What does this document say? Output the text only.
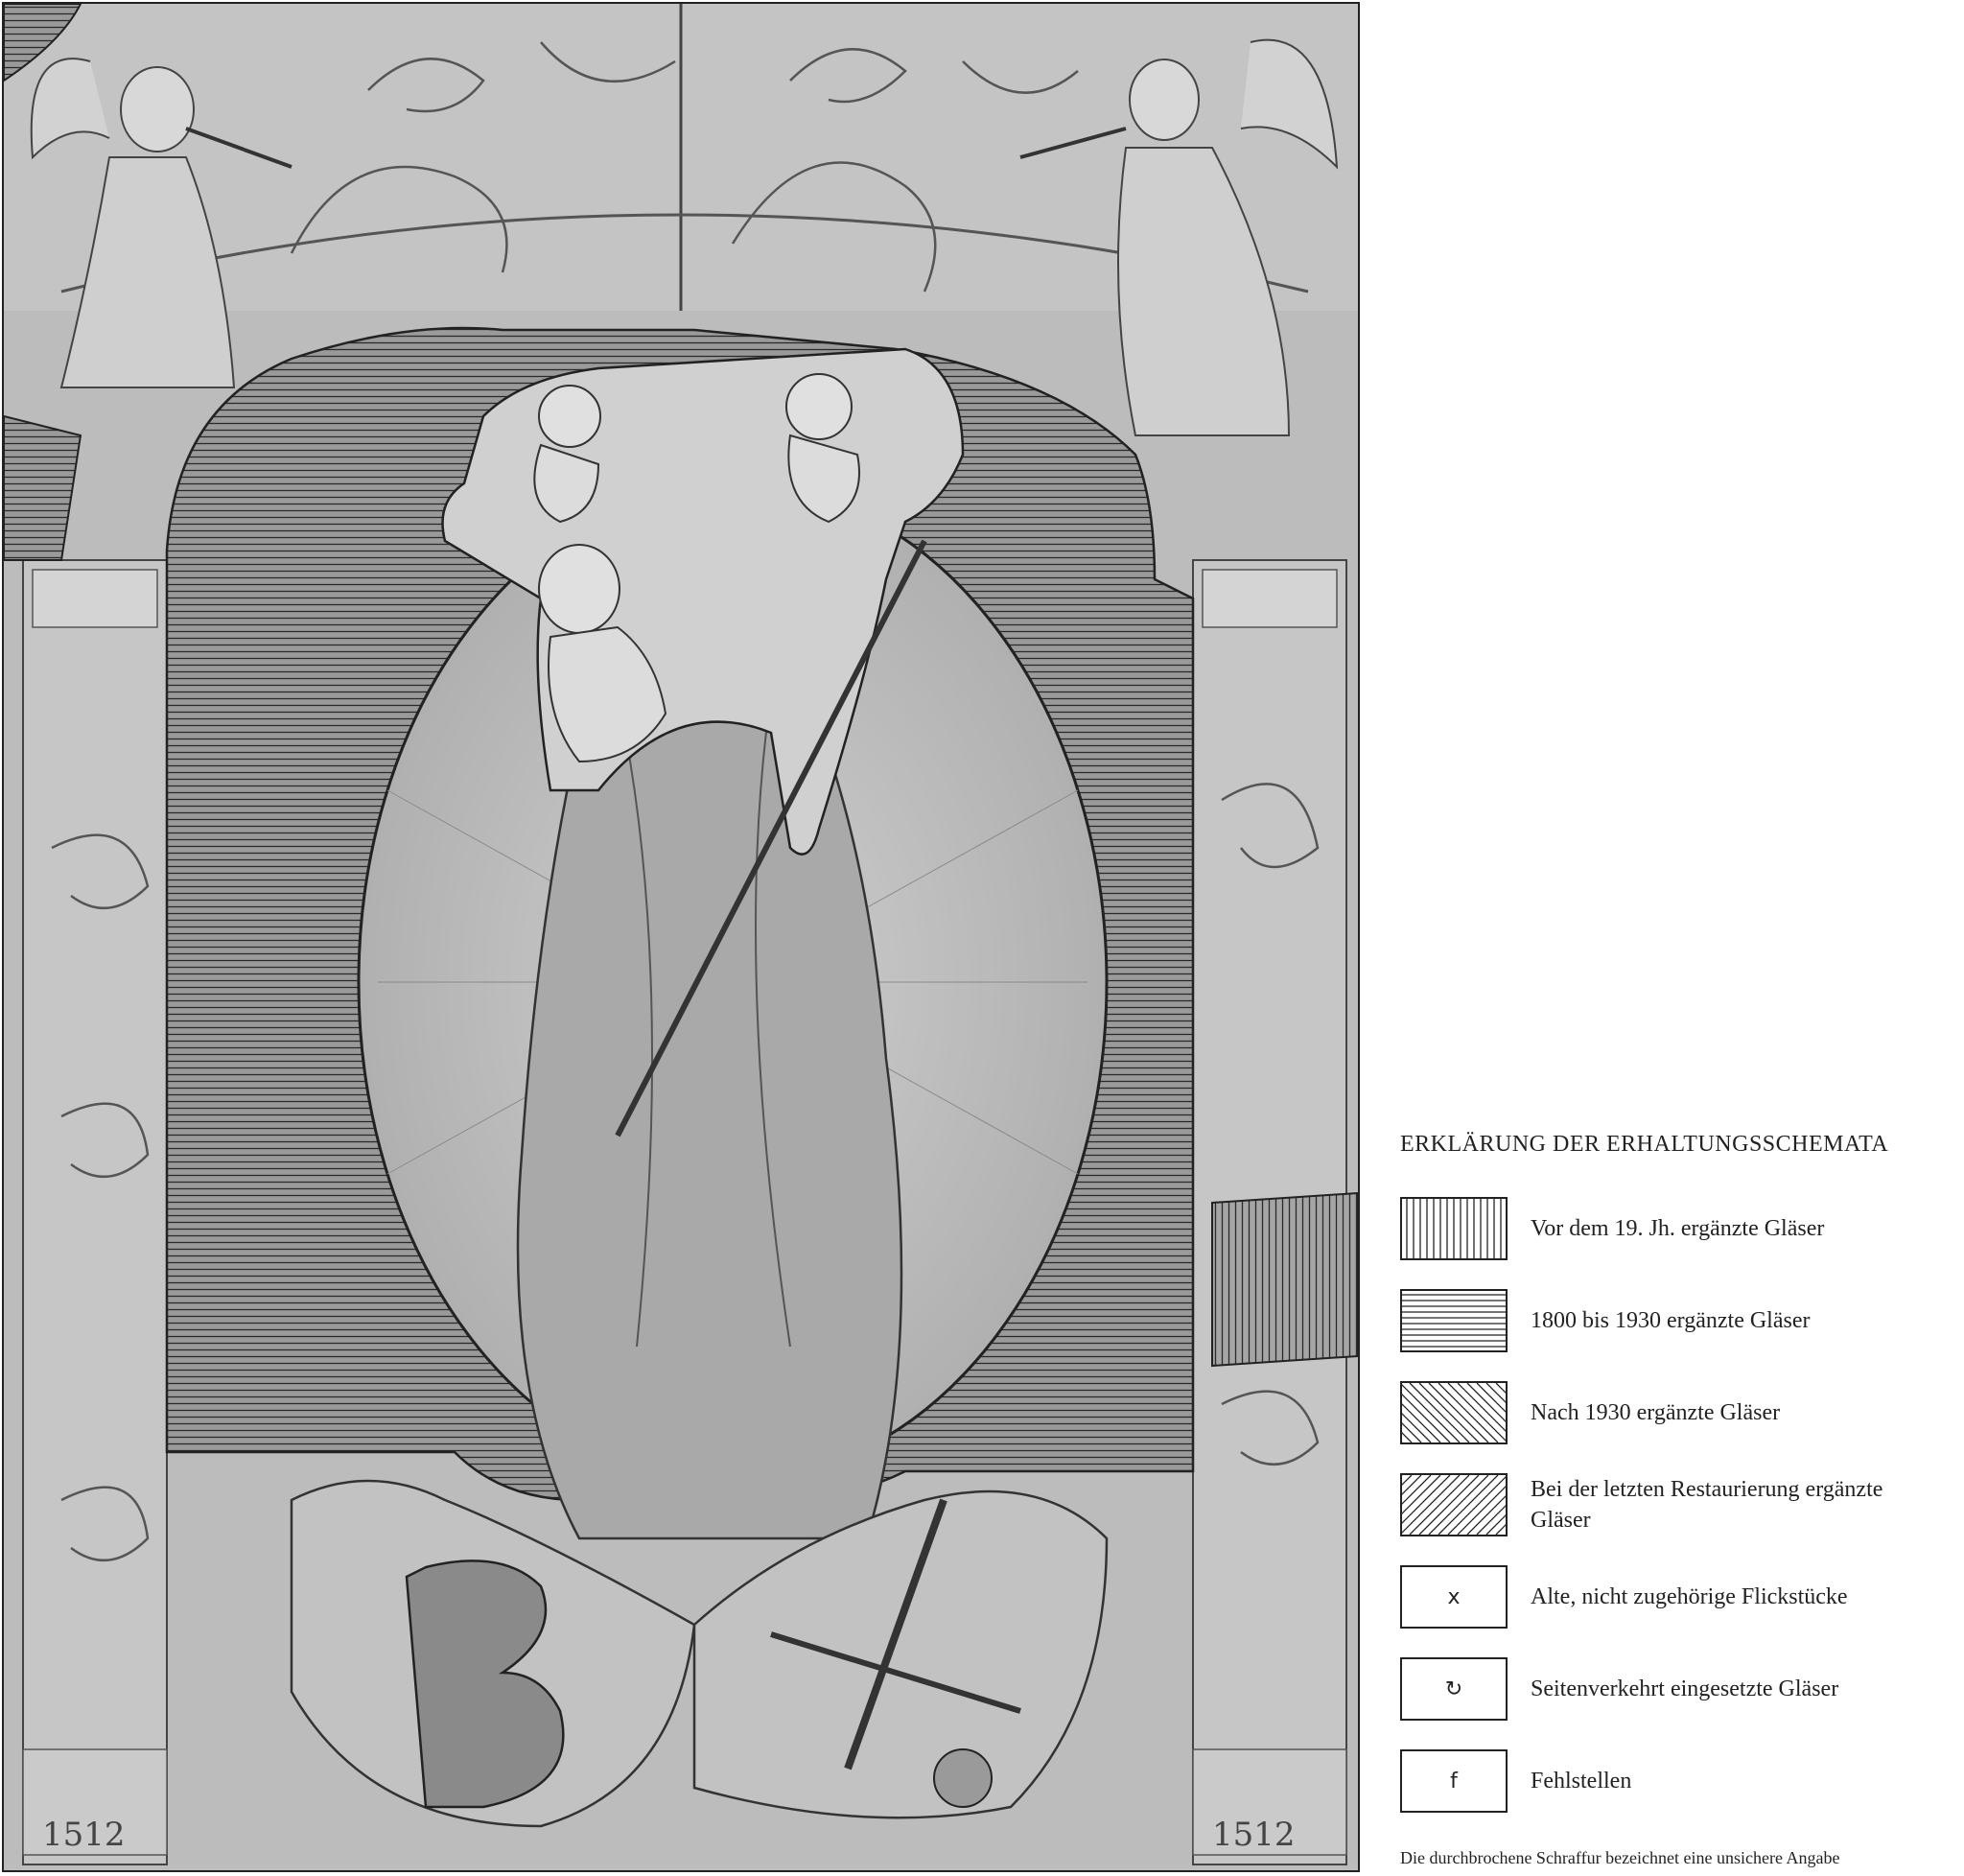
1512	1512
ERKLÄRUNG DER ERHALTUNGSSCHEMATA
Vor dem 19. Jh. ergänzte Gläser
1800 bis 1930 ergänzte Gläser
Nach 1930 ergänzte Gläser
Bei der letzten Restaurierung ergänzte Gläser
x	Alte, nicht zugehörige Flickstücke
↻	Seitenverkehrt eingesetzte Gläser
f	Fehlstellen
Die durchbrochene Schraffur bezeichnet eine unsichere Angabe
